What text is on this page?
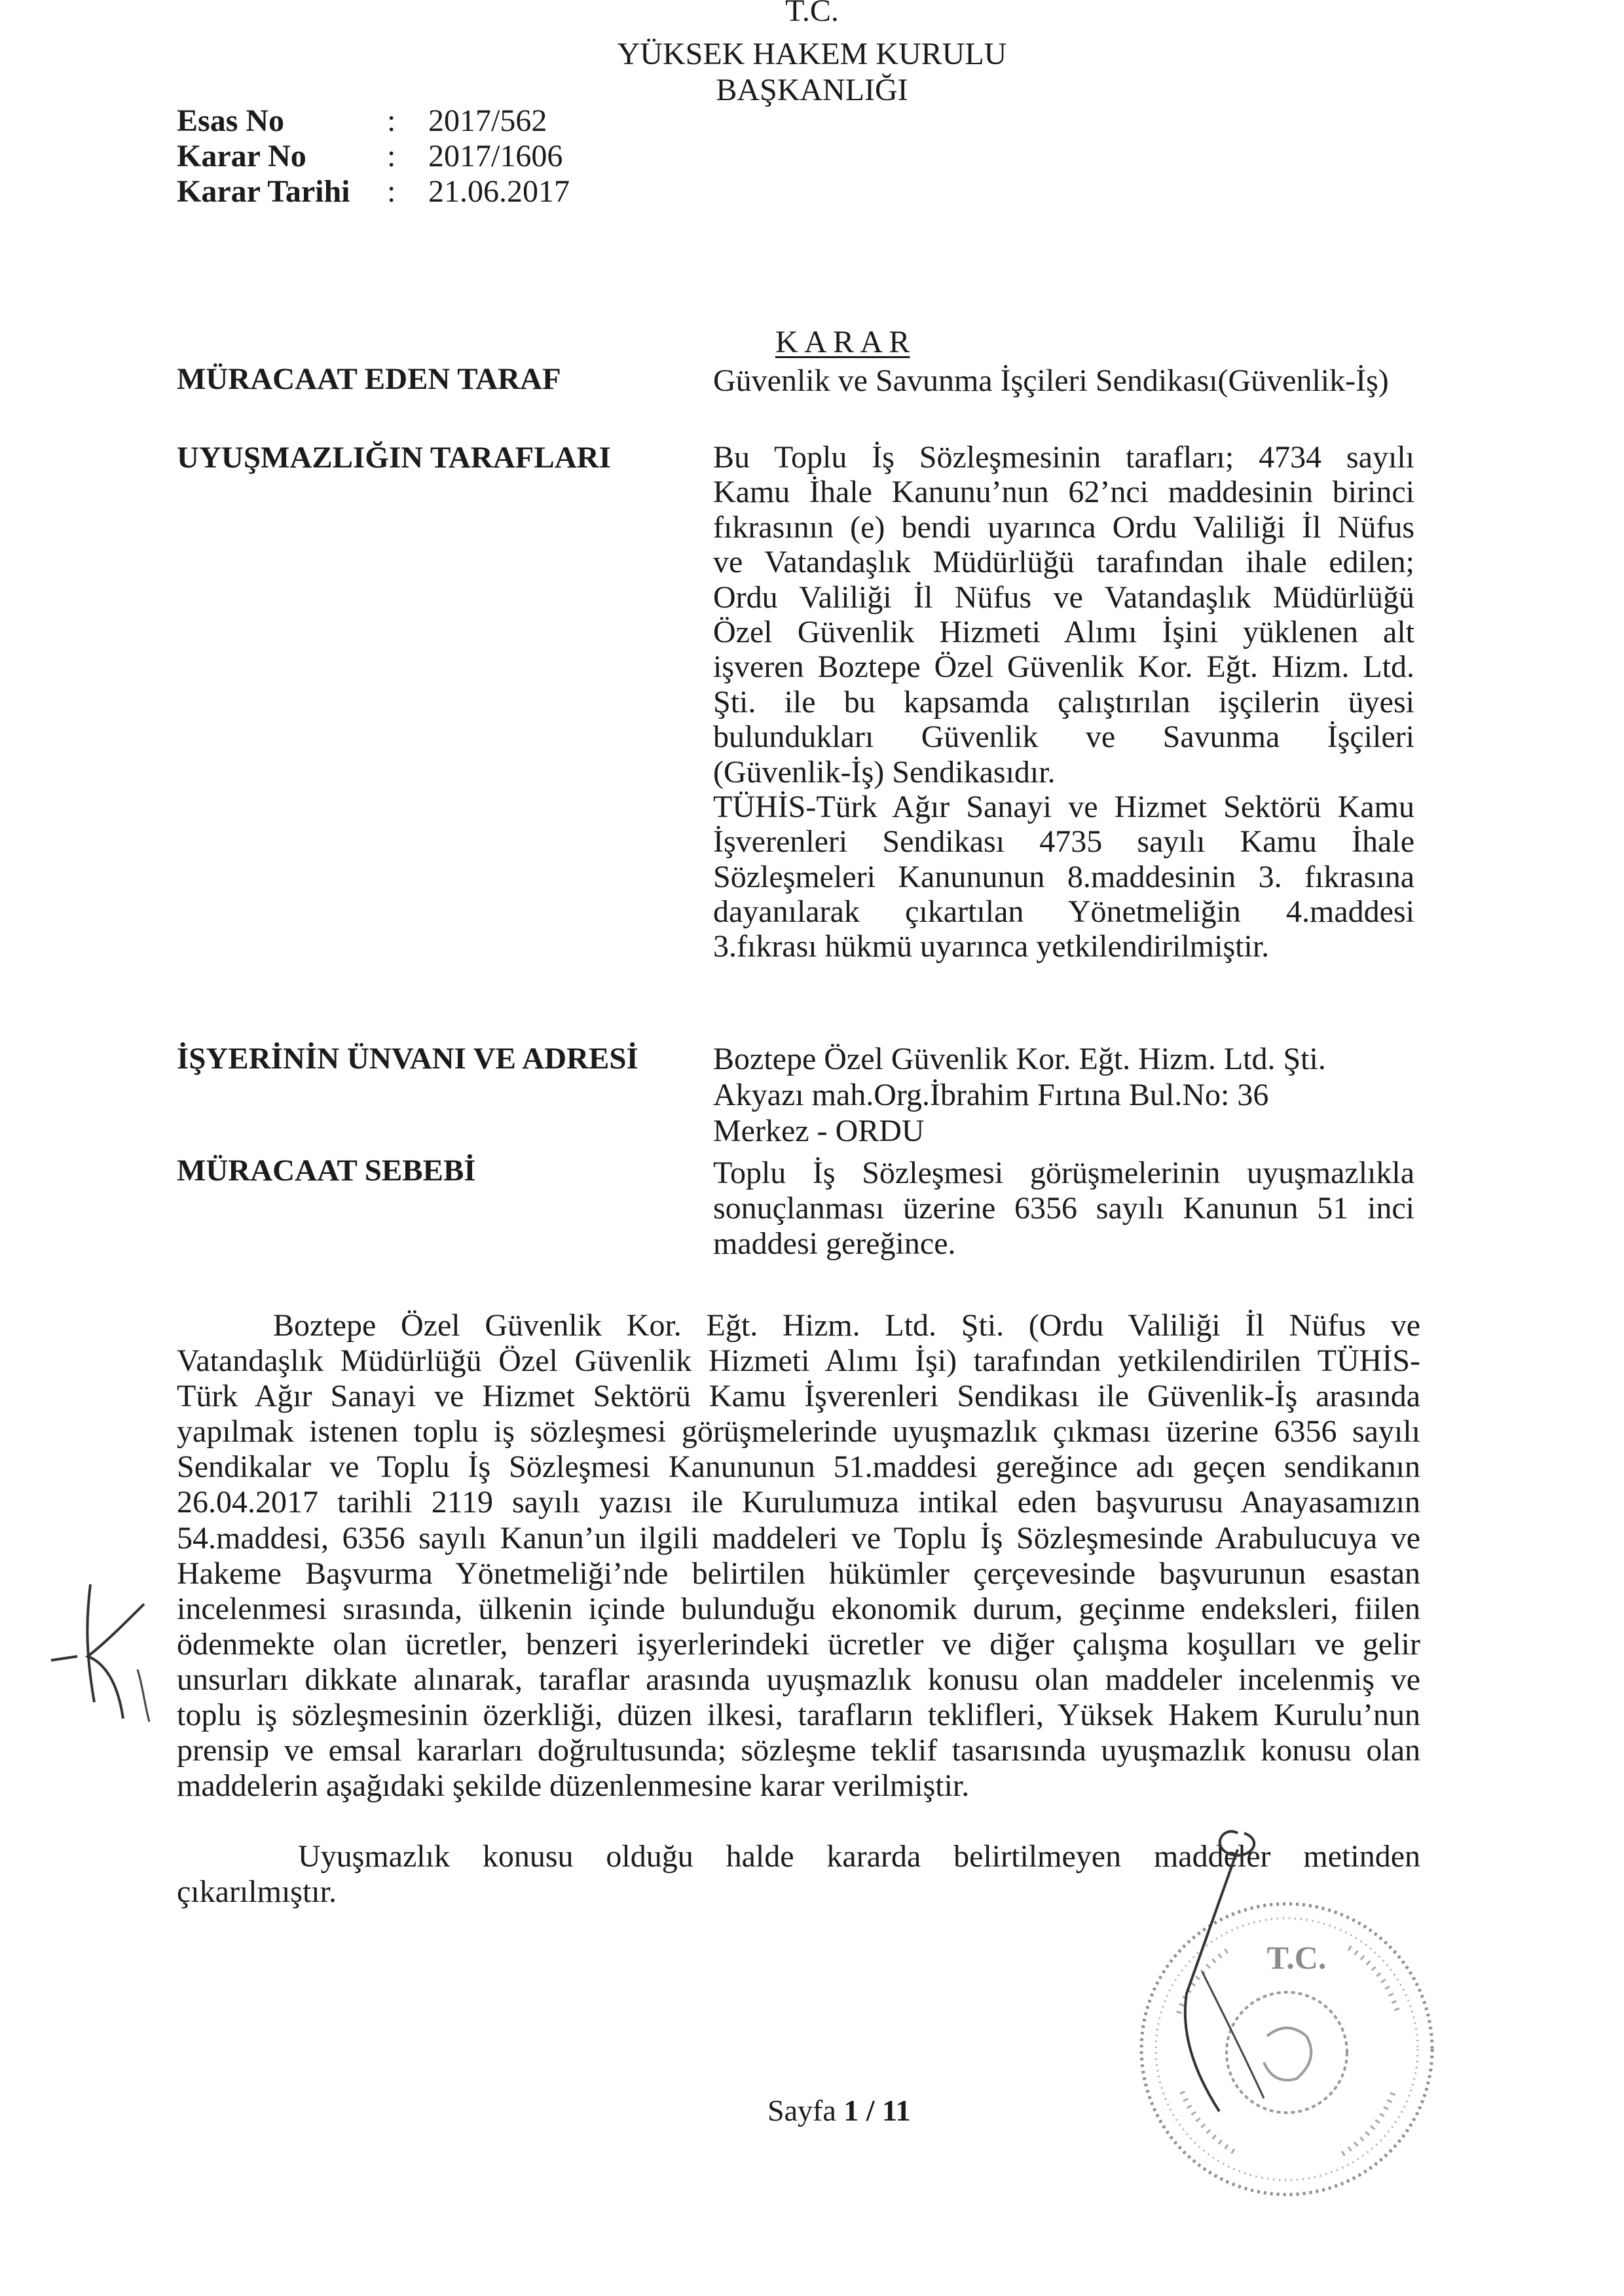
T.C.
YÜKSEK HAKEM KURULU
BAŞKANLIĞI
Esas No	: 2017/562
Karar No	: 2017/1606
Karar Tarihi : 21.06.2017
K A R A R
MÜRACAAT EDEN TARAF	Güvenlik ve Savunma İşçileri Sendikası(Güvenlik-İş)
UYUŞMAZLIĞIN TARAFLARI	Bu Toplu İş Sözleşmesinin tarafları; 4734 sayılı
Kamu İhale Kanunu’nun 62’nci maddesinin birinci
fıkrasının (e) bendi uyarınca Ordu Valiliği İl Nüfus
ve Vatandaşlık Müdürlüğü tarafından ihale edilen;
Ordu Valiliği İl Nüfus ve Vatandaşlık Müdürlüğü
Özel Güvenlik Hizmeti Alımı İşini yüklenen alt
işveren Boztepe Özel Güvenlik Kor. Eğt. Hizm. Ltd.
Şti. ile bu kapsamda çalıştırılan işçilerin üyesi
bulundukları Güvenlik ve Savunma İşçileri
(Güvenlik-İş) Sendikasıdır.
TÜHİS-Türk Ağır Sanayi ve Hizmet Sektörü Kamu
İşverenleri Sendikası 4735 sayılı Kamu İhale
Sözleşmeleri Kanununun 8.maddesinin 3. fıkrasına
dayanılarak çıkartılan Yönetmeliğin 4.maddesi
3.fıkrası hükmü uyarınca yetkilendirilmiştir.
İŞYERİNİN ÜNVANI VE ADRESİ Boztepe Özel Güvenlik Kor. Eğt. Hizm. Ltd. Şti.
Akyazı mah.Org.İbrahim Fırtına Bul.No: 36
Merkez - ORDU
MÜRACAAT SEBEBİ	Toplu İş Sözleşmesi görüşmelerinin uyuşmazlıkla
sonuçlanması üzerine 6356 sayılı Kanunun 51 inci
maddesi gereğince.
Boztepe Özel Güvenlik Kor. Eğt. Hizm. Ltd. Şti. (Ordu Valiliği İl Nüfus ve
Vatandaşlık Müdürlüğü Özel Güvenlik Hizmeti Alımı İşi) tarafından yetkilendirilen TÜHİS-
Türk Ağır Sanayi ve Hizmet Sektörü Kamu İşverenleri Sendikası ile Güvenlik-İş arasında
yapılmak istenen toplu iş sözleşmesi görüşmelerinde uyuşmazlık çıkması üzerine 6356 sayılı
Sendikalar ve Toplu İş Sözleşmesi Kanununun 51.maddesi gereğince adı geçen sendikanın
26.04.2017 tarihli 2119 sayılı yazısı ile Kurulumuza intikal eden başvurusu Anayasamızın
54.maddesi, 6356 sayılı Kanun’un ilgili maddeleri ve Toplu İş Sözleşmesinde Arabulucuya ve
Hakeme Başvurma Yönetmeliği’nde belirtilen hükümler çerçevesinde başvurunun esastan
incelenmesi sırasında, ülkenin içinde bulunduğu ekonomik durum, geçinme endeksleri, fiilen
ödenmekte olan ücretler, benzeri işyerlerindeki ücretler ve diğer çalışma koşulları ve gelir
unsurları dikkate alınarak, taraflar arasında uyuşmazlık konusu olan maddeler incelenmiş ve
toplu iş sözleşmesinin özerkliği, düzen ilkesi, tarafların teklifleri, Yüksek Hakem Kurulu’nun
prensip ve emsal kararları doğrultusunda; sözleşme teklif tasarısında uyuşmazlık konusu olan
maddelerin aşağıdaki şekilde düzenlenmesine karar verilmiştir.
Uyuşmazlık konusu olduğu halde kararda belirtilmeyen maddeler metinden
çıkarılmıştır.
Sayfa 1 / 11
T.C.
